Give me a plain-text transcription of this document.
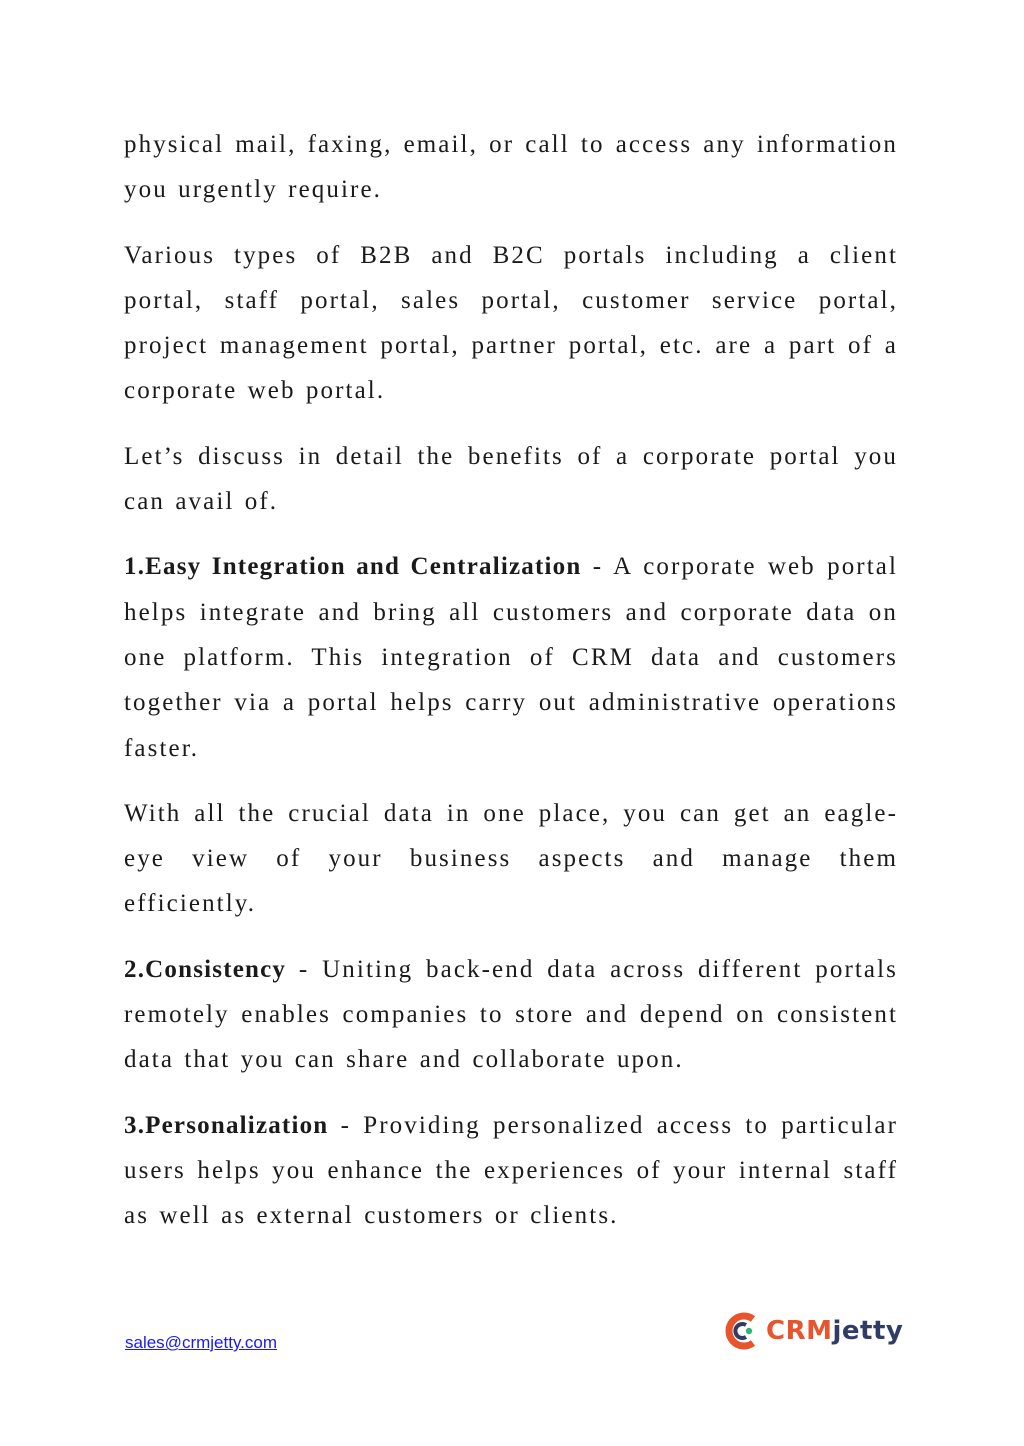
physical mail, faxing, email, or call to access any information you urgently require.

Various types of B2B and B2C portals including a client portal, staff portal, sales portal, customer service portal, project management portal, partner portal, etc. are a part of a corporate web portal.

Let’s discuss in detail the benefits of a corporate portal you can avail of.

1.Easy Integration and Centralization - A corporate web portal helps integrate and bring all customers and corporate data on one platform. This integration of CRM data and customers together via a portal helps carry out administrative operations faster.

With all the crucial data in one place, you can get an eagle-eye view of your business aspects and manage them efficiently.

2.Consistency - Uniting back-end data across different portals remotely enables companies to store and depend on consistent data that you can share and collaborate upon.

3.Personalization - Providing personalized access to particular users helps you enhance the experiences of your internal staff as well as external customers or clients.

sales@crmjetty.com	CRMjetty
